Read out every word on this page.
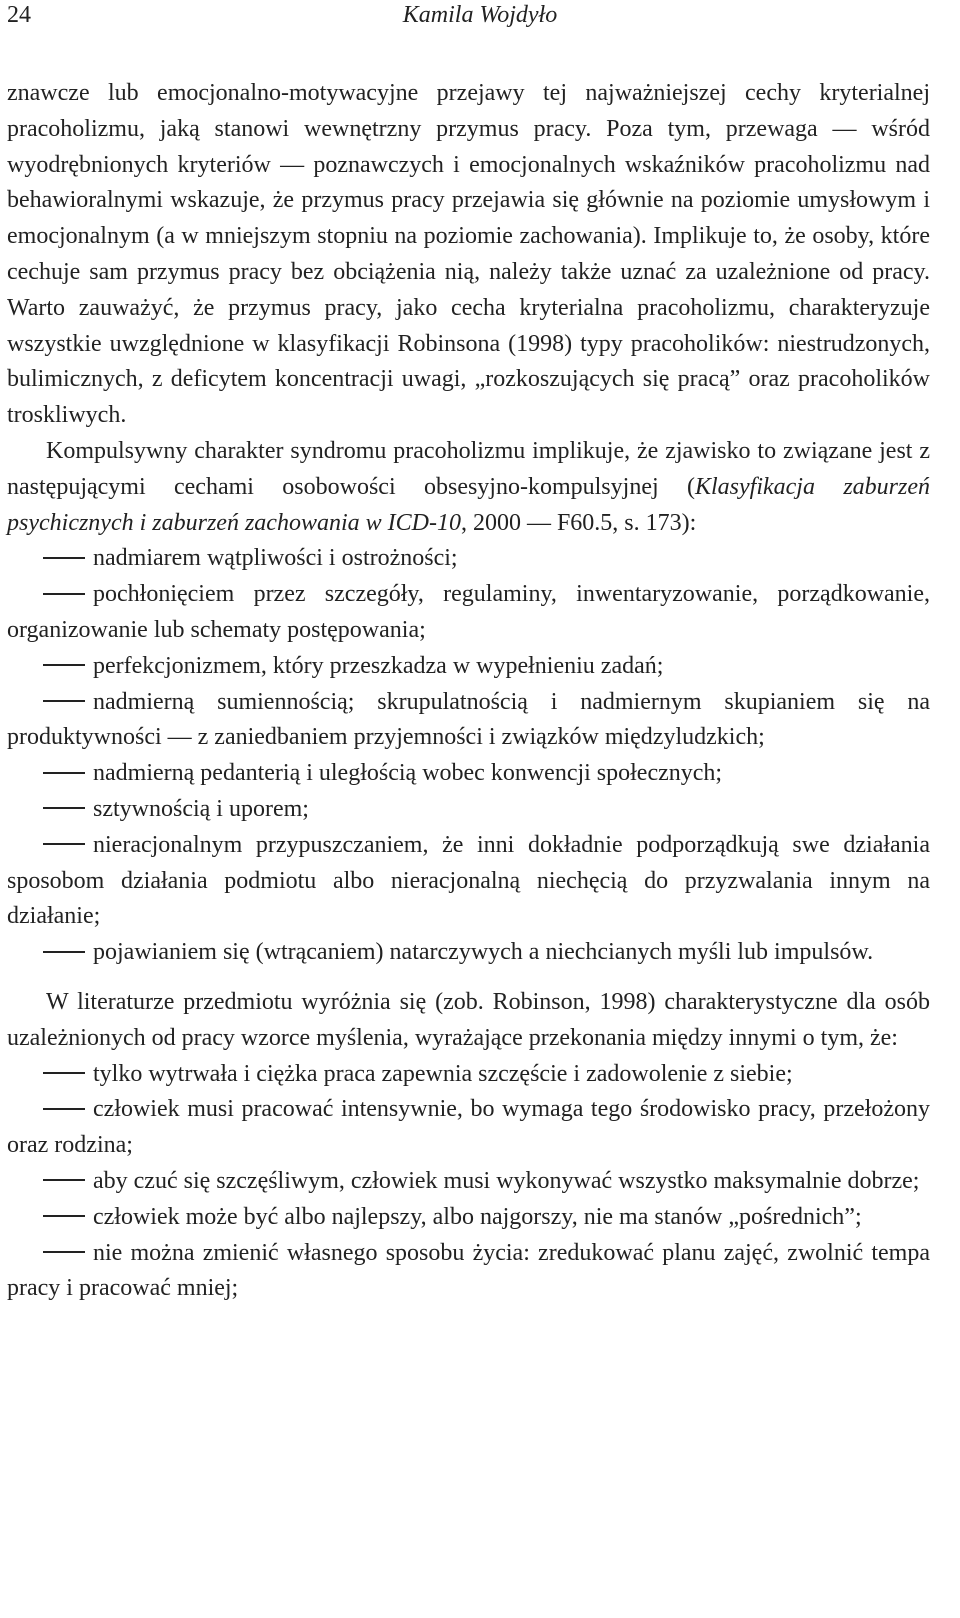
24	Kamila Wojdyło

znawcze lub emocjonalno-motywacyjne przejawy tej najważniejszej cechy kryterialnej pracoholizmu, jaką stanowi wewnętrzny przymus pracy. Poza tym, przewaga — wśród wyodrębnionych kryteriów — poznawczych i emocjonalnych wskaźników pracoholizmu nad behawioralnymi wskazuje, że przymus pracy przejawia się głównie na poziomie umysłowym i emocjonalnym (a w mniejszym stopniu na poziomie zachowania). Implikuje to, że osoby, które cechuje sam przymus pracy bez obciążenia nią, należy także uznać za uzależnione od pracy. Warto zauważyć, że przymus pracy, jako cecha kryterialna pracoholizmu, charakteryzuje wszystkie uwzględnione w klasyfikacji Robinsona (1998) typy pracoholików: niestrudzonych, bulimicznych, z deficytem koncentracji uwagi, „rozkoszujących się pracą” oraz pracoholików troskliwych.

Kompulsywny charakter syndromu pracoholizmu implikuje, że zjawisko to związane jest z następującymi cechami osobowości obsesyjno-kompulsyjnej (Klasyfikacja zaburzeń psychicznych i zaburzeń zachowania w ICD-10, 2000 — F60.5, s. 173):

nadmiarem wątpliwości i ostrożności;

pochłonięciem przez szczegóły, regulaminy, inwentaryzowanie, porządkowanie, organizowanie lub schematy postępowania;

perfekcjonizmem, który przeszkadza w wypełnieniu zadań;

nadmierną sumiennością; skrupulatnością i nadmiernym skupianiem się na produktywności — z zaniedbaniem przyjemności i związków międzyludzkich;

nadmierną pedanterią i uległością wobec konwencji społecznych;

sztywnością i uporem;

nieracjonalnym przypuszczaniem, że inni dokładnie podporządkują swe działania sposobom działania podmiotu albo nieracjonalną niechęcią do przyzwalania innym na działanie;

pojawianiem się (wtrącaniem) natarczywych a niechcianych myśli lub impulsów.

W literaturze przedmiotu wyróżnia się (zob. Robinson, 1998) charakterystyczne dla osób uzależnionych od pracy wzorce myślenia, wyrażające przekonania między innymi o tym, że:

tylko wytrwała i ciężka praca zapewnia szczęście i zadowolenie z siebie;

człowiek musi pracować intensywnie, bo wymaga tego środowisko pracy, przełożony oraz rodzina;

aby czuć się szczęśliwym, człowiek musi wykonywać wszystko maksymalnie dobrze;

człowiek może być albo najlepszy, albo najgorszy, nie ma stanów „pośrednich”;

nie można zmienić własnego sposobu życia: zredukować planu zajęć, zwolnić tempa pracy i pracować mniej;
